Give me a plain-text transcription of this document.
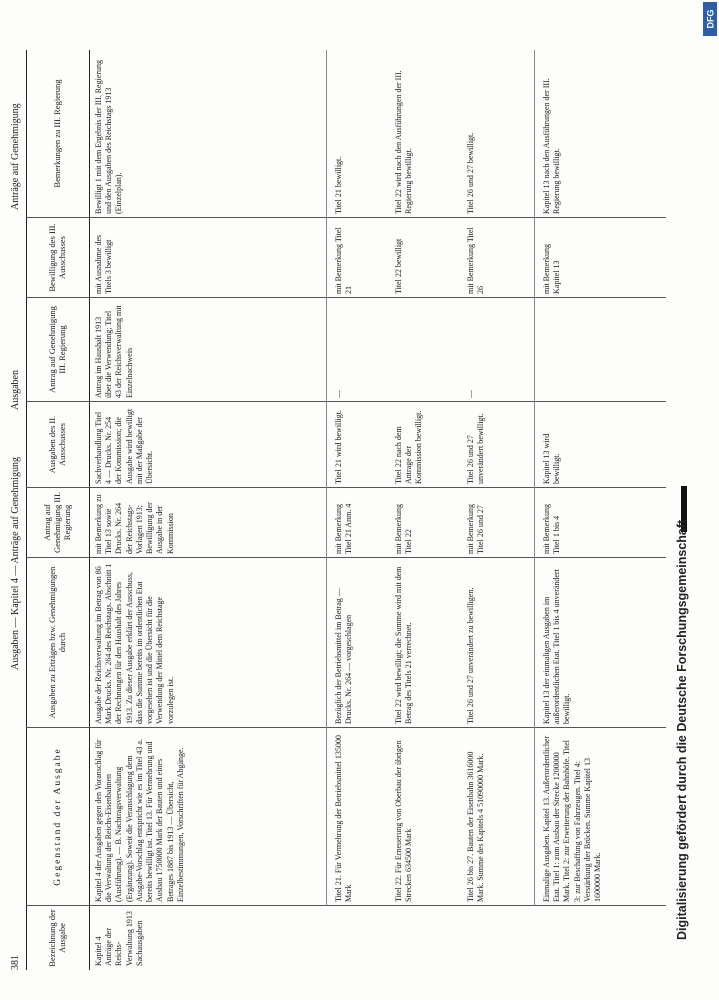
381
Ausgaben — Kapitel 4 — Anträge auf Genehmigung
Ausgaben
Anträge auf Genehmigung
Bezeichnung der Ausgabe
Gegenstand der Ausgabe
Ausgaben zu Erträgen bzw. Genehmigungen durch
Antrag auf Genehmigung III. Regierung
Ausgaben des II. Ausschusses
Antrag auf Genehmigung III. Regierung
Bewilligung des III. Ausschusses
Bemerkungen zu III. Regierung
Kapitel 4 Anträge der Reichs-Verwaltung 1913 Sachausgaben
Kapitel 4 der Ausgaben gegen den Voranschlag für die Verwaltung der Reichs-Eisenbahnen (Ausführung). — B. Nachtragsverwaltung (Ergänzung). Soweit die Veranschlagung dem Ausgabe-Vorschlag entspricht wie es im Titel 43 a. bereits bewilligt ist. Titel 13. Für Vermehrung und Ausbau 1750000 Mark der Bauten und eines Betrages 1887 bis 1913 — Übersicht, Einzelbestimmungen, Vorschriften für Abgänge.
Ausgabe der Reichsverwaltung im Betrag von 86 Mark Drucks. Nr. 264 des Reichstags. Abschnitt 1 der Rechnungen für den Haushalt des Jahres 1913. Zu dieser Ausgabe erklärt der Ausschuss, dass die Summe bereits im ordentlichen Etat vorgesehen ist und die Übersicht für die Verwendung der Mittel dem Reichstage vorzulegen ist.
mit Bemerkung zu Titel 13 sowie Drucks. Nr. 264 der Reichstags-Vorlagen 1913; Bewilligung der Ausgabe in der Kommission
Sachverhandlung Titel 4 — Drucks. Nr. 254 der Kommission; die Ausgabe wird bewilligt mit der Maßgabe der Übersicht.
Antrag im Haushalt 1913 über die Verwendung; Titel 43 der Reichsverwaltung mit Einzelnachweis
mit Ausnahme des Titels 3 bewilligt
Bewilligt 1 mit dem Ergebnis der III. Regierung und den Ausgaben des Reichstags 1913 (Einzelplan).
Titel 21. Für Vermehrung der Betriebsmittel 135000 Mark
Bezüglich der Betriebsmittel im Betrag — Drucks. Nr. 264 — vorgeschlagen
mit Bemerkung Titel 21 Anm. 4
Titel 21 wird bewilligt.
—
mit Bemerkung Titel 21
Titel 21 bewilligt.
Titel 22. Für Erneuerung von Oberbau der übrigen Strecken 634500 Mark
Titel 22 wird bewilligt; die Summe wird mit dem Betrag des Titels 21 verrechnet.
mit Bemerkung Titel 22
Titel 22 nach dem Antrage der Kommission bewilligt.
Titel 22 bewilligt
Titel 22 wird nach den Ausführungen der III. Regierung bewilligt.
Titel 26 bis 27. Bauten der Eisenbahn 3616000 Mark. Summe des Kapitels 4 51090000 Mark.
Titel 26 und 27 unverändert zu bewilligen.
mit Bemerkung Titel 26 und 27
Titel 26 und 27 unverändert bewilligt.
—
mit Bemerkung Titel 26
Titel 26 und 27 bewilligt.
Einmalige Ausgaben. Kapitel 13. Außerordentlicher Etat. Titel 1: zum Ausbau der Strecke 1200000 Mark. Titel 2: zur Erweiterung der Bahnhöfe. Titel 3: zur Beschaffung von Fahrzeugen. Titel 4: Verstärkung der Brücken. Summe Kapitel 13 1600000 Mark.
Kapitel 13 der einmaligen Ausgaben im außerordentlichen Etat. Titel 1 bis 4 unverändert bewilligt.
mit Bemerkung Titel 1 bis 4
Kapitel 13 wird bewilligt.
mit Bemerkung Kapitel 13
Kapitel 13 nach den Ausführungen der III. Regierung bewilligt.
DFG
Digitalisierung gefördert durch die Deutsche Forschungsgemeinschaft
